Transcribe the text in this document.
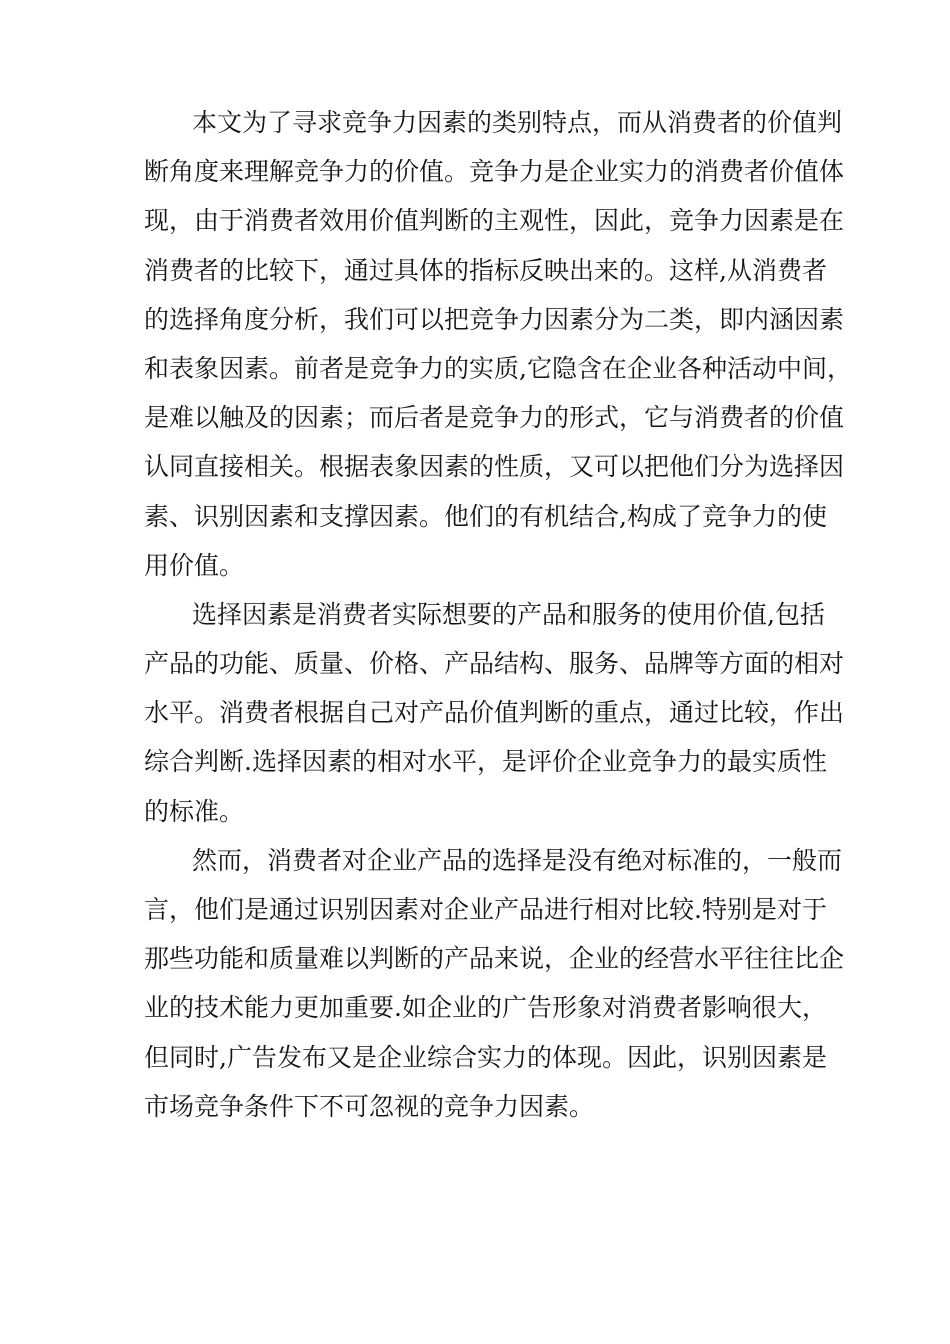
本文为了寻求竞争力因素的类别特点，而从消费者的价值判
断角度来理解竞争力的价值。竞争力是企业实力的消费者价值体
现，由于消费者效用价值判断的主观性，因此，竞争力因素是在
消费者的比较下，通过具体的指标反映出来的。这样,从消费者
的选择角度分析，我们可以把竞争力因素分为二类，即内涵因素
和表象因素。前者是竞争力的实质,它隐含在企业各种活动中间，
是难以触及的因素；而后者是竞争力的形式，它与消费者的价值
认同直接相关。根据表象因素的性质，又可以把他们分为选择因
素、识别因素和支撑因素。他们的有机结合,构成了竞争力的使
用价值。
选择因素是消费者实际想要的产品和服务的使用价值,包括
产品的功能、质量、价格、产品结构、服务、品牌等方面的相对
水平。消费者根据自己对产品价值判断的重点，通过比较，作出
综合判断.选择因素的相对水平，是评价企业竞争力的最实质性
的标准。
然而，消费者对企业产品的选择是没有绝对标准的，一般而
言，他们是通过识别因素对企业产品进行相对比较.特别是对于
那些功能和质量难以判断的产品来说，企业的经营水平往往比企
业的技术能力更加重要.如企业的广告形象对消费者影响很大，
但同时,广告发布又是企业综合实力的体现。因此，识别因素是
市场竞争条件下不可忽视的竞争力因素。
